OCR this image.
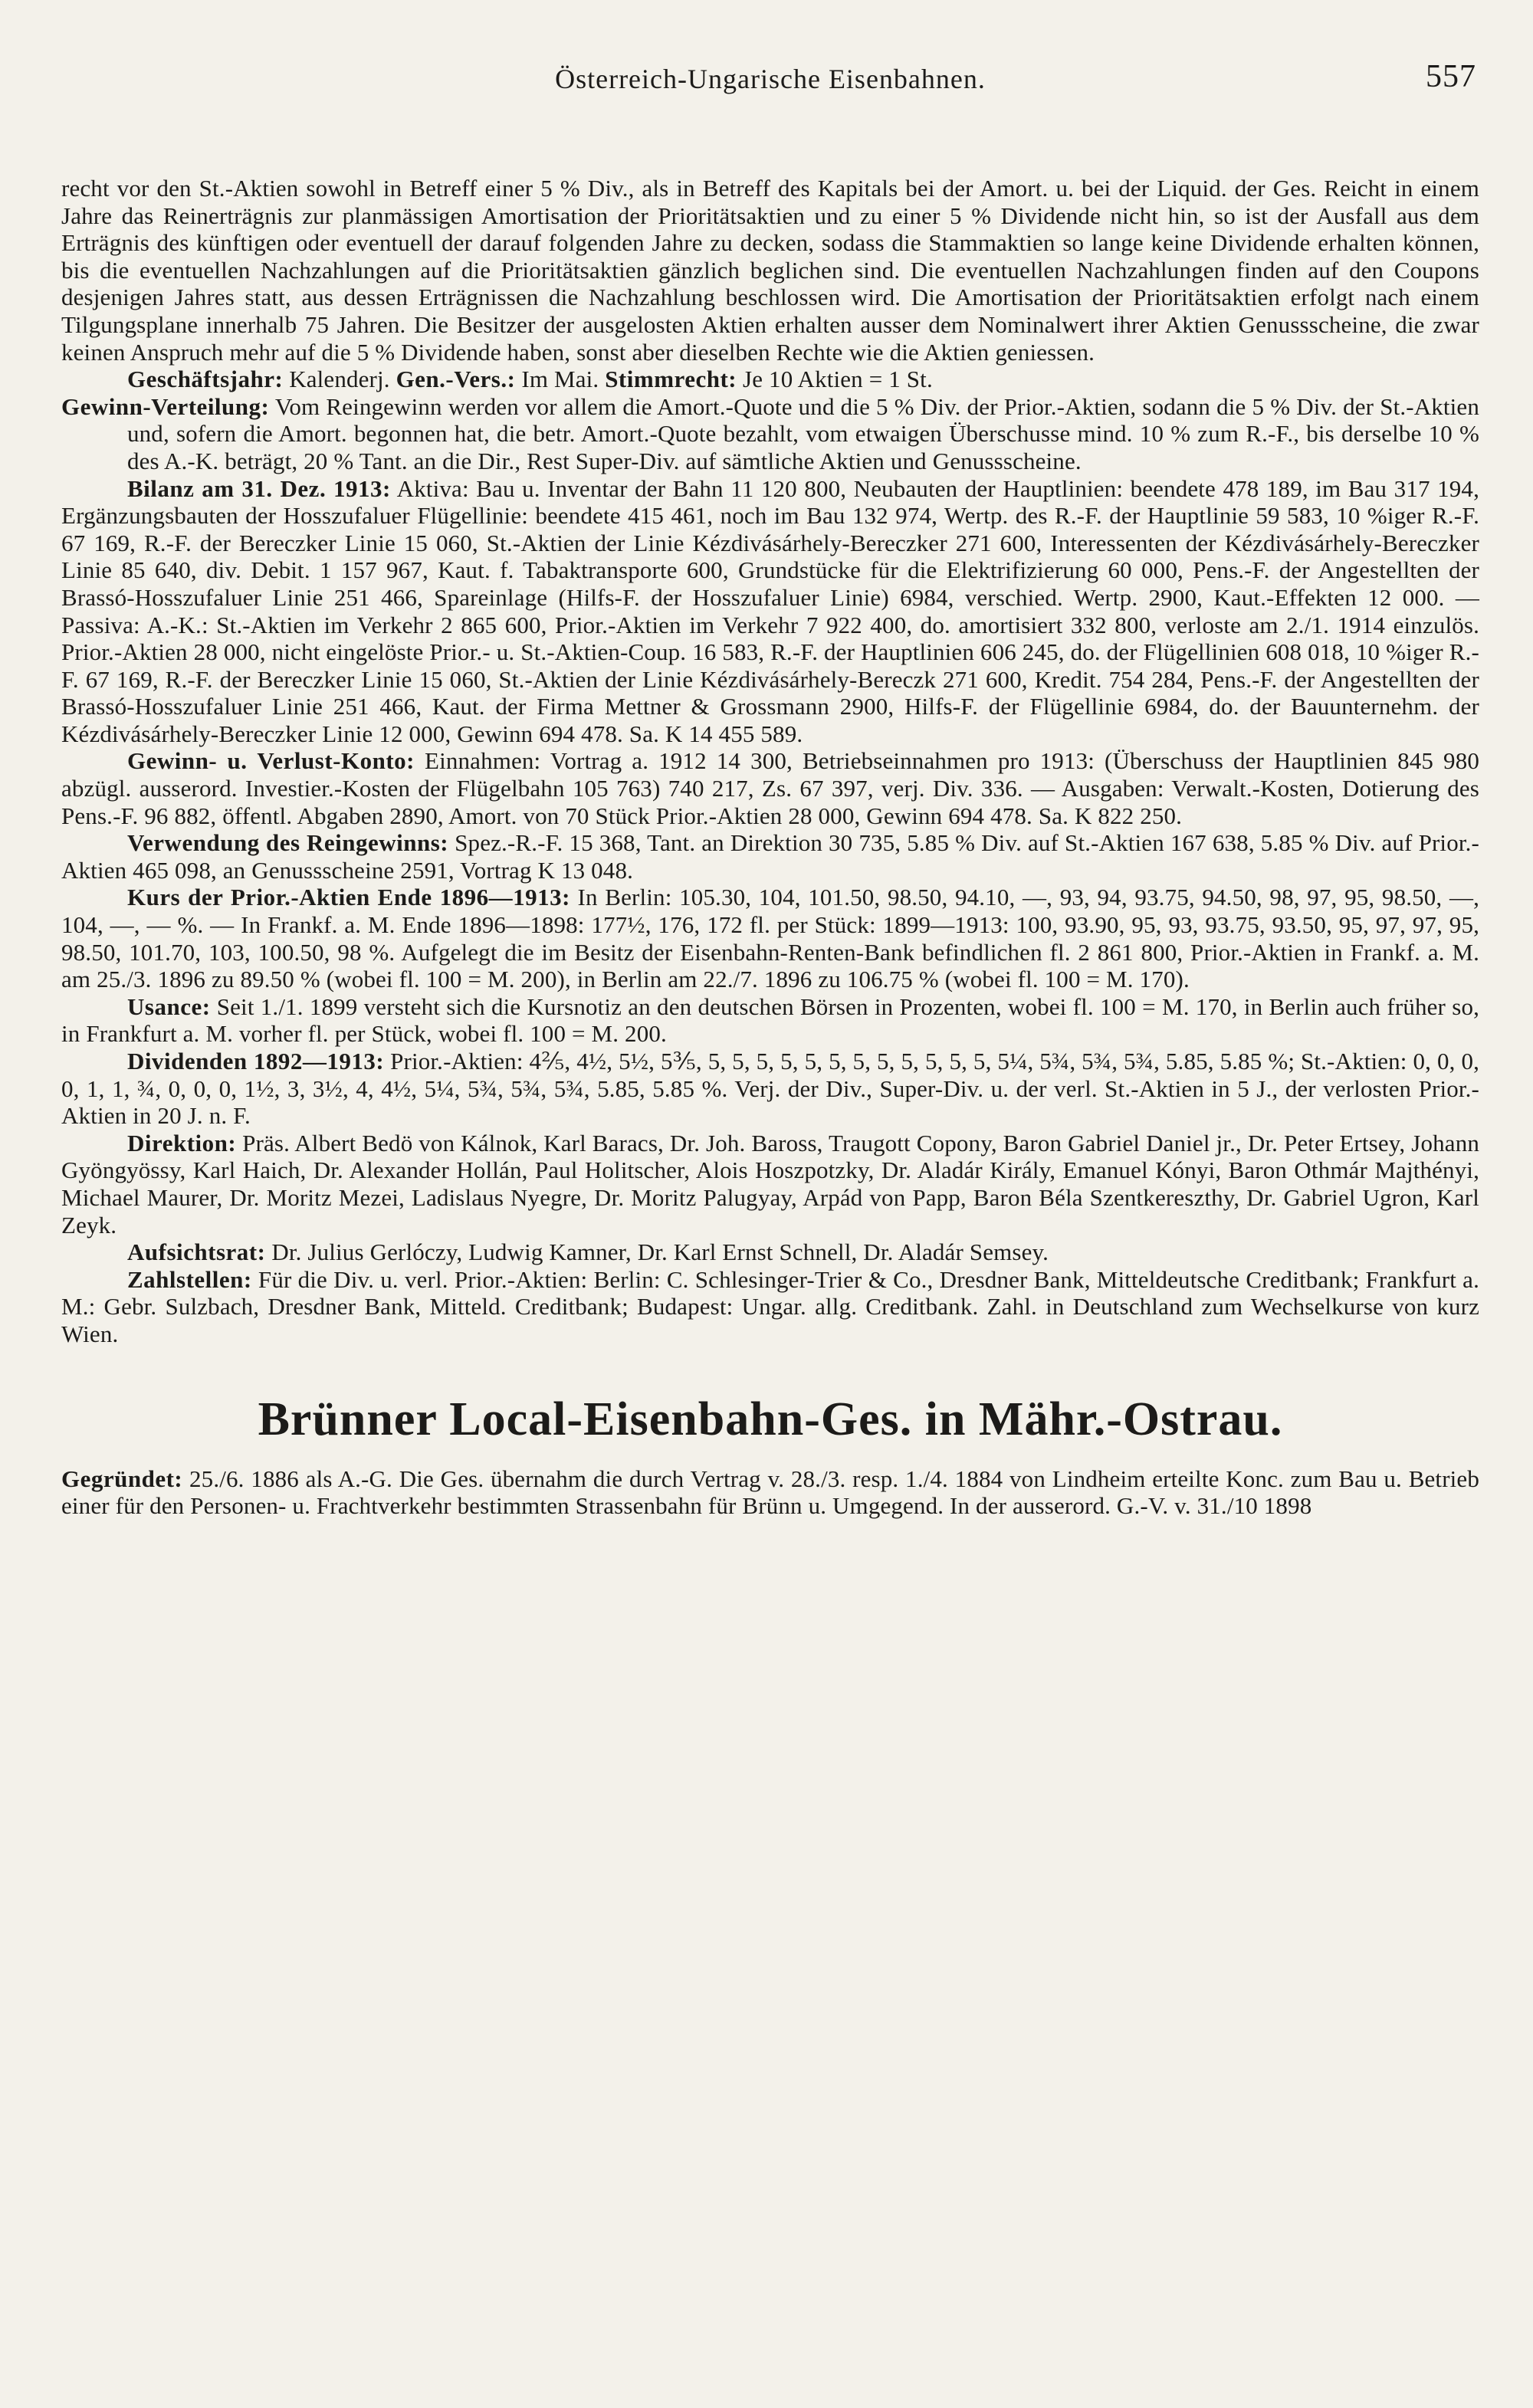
Österreich-Ungarische Eisenbahnen.	557

recht vor den St.-Aktien sowohl in Betreff einer 5 % Div., als in Betreff des Kapitals bei der Amort. u. bei der Liquid. der Ges. Reicht in einem Jahre das Reinerträgnis zur planmässigen Amortisation der Prioritätsaktien und zu einer 5 % Dividende nicht hin, so ist der Ausfall aus dem Erträgnis des künftigen oder eventuell der darauf folgenden Jahre zu decken, sodass die Stammaktien so lange keine Dividende erhalten können, bis die eventuellen Nachzahlungen auf die Prioritätsaktien gänzlich beglichen sind. Die eventuellen Nachzahlungen finden auf den Coupons desjenigen Jahres statt, aus dessen Erträgnissen die Nachzahlung beschlossen wird. Die Amortisation der Prioritätsaktien erfolgt nach einem Tilgungsplane innerhalb 75 Jahren. Die Besitzer der ausgelosten Aktien erhalten ausser dem Nominalwert ihrer Aktien Genussscheine, die zwar keinen Anspruch mehr auf die 5 % Dividende haben, sonst aber dieselben Rechte wie die Aktien geniessen.

Geschäftsjahr: Kalenderj. Gen.-Vers.: Im Mai. Stimmrecht: Je 10 Aktien = 1 St.

Gewinn-Verteilung: Vom Reingewinn werden vor allem die Amort.-Quote und die 5 % Div. der Prior.-Aktien, sodann die 5 % Div. der St.-Aktien und, sofern die Amort. begonnen hat, die betr. Amort.-Quote bezahlt, vom etwaigen Überschusse mind. 10 % zum R.-F., bis derselbe 10 % des A.-K. beträgt, 20 % Tant. an die Dir., Rest Super-Div. auf sämtliche Aktien und Genussscheine.

Bilanz am 31. Dez. 1913: Aktiva: Bau u. Inventar der Bahn 11 120 800, Neubauten der Hauptlinien: beendete 478 189, im Bau 317 194, Ergänzungsbauten der Hosszufaluer Flügellinie: beendete 415 461, noch im Bau 132 974, Wertp. des R.-F. der Hauptlinie 59 583, 10 %iger R.-F. 67 169, R.-F. der Bereczker Linie 15 060, St.-Aktien der Linie Kézdivásárhely-Bereczker 271 600, Interessenten der Kézdivásárhely-Bereczker Linie 85 640, div. Debit. 1 157 967, Kaut. f. Tabaktransporte 600, Grundstücke für die Elektrifizierung 60 000, Pens.-F. der Angestellten der Brassó-Hosszufaluer Linie 251 466, Spareinlage (Hilfs-F. der Hosszufaluer Linie) 6984, verschied. Wertp. 2900, Kaut.-Effekten 12 000. — Passiva: A.-K.: St.-Aktien im Verkehr 2 865 600, Prior.-Aktien im Verkehr 7 922 400, do. amortisiert 332 800, verloste am 2./1. 1914 einzulös. Prior.-Aktien 28 000, nicht eingelöste Prior.- u. St.-Aktien-Coup. 16 583, R.-F. der Hauptlinien 606 245, do. der Flügellinien 608 018, 10 %iger R.-F. 67 169, R.-F. der Bereczker Linie 15 060, St.-Aktien der Linie Kézdivásárhely-Bereczk 271 600, Kredit. 754 284, Pens.-F. der Angestellten der Brassó-Hosszufaluer Linie 251 466, Kaut. der Firma Mettner & Grossmann 2900, Hilfs-F. der Flügellinie 6984, do. der Bauunternehm. der Kézdivásárhely-Bereczker Linie 12 000, Gewinn 694 478. Sa. K 14 455 589.

Gewinn- u. Verlust-Konto: Einnahmen: Vortrag a. 1912 14 300, Betriebseinnahmen pro 1913: (Überschuss der Hauptlinien 845 980 abzügl. ausserord. Investier.-Kosten der Flügelbahn 105 763) 740 217, Zs. 67 397, verj. Div. 336. — Ausgaben: Verwalt.-Kosten, Dotierung des Pens.-F. 96 882, öffentl. Abgaben 2890, Amort. von 70 Stück Prior.-Aktien 28 000, Gewinn 694 478. Sa. K 822 250.

Verwendung des Reingewinns: Spez.-R.-F. 15 368, Tant. an Direktion 30 735, 5.85 % Div. auf St.-Aktien 167 638, 5.85 % Div. auf Prior.-Aktien 465 098, an Genussscheine 2591, Vortrag K 13 048.

Kurs der Prior.-Aktien Ende 1896—1913: In Berlin: 105.30, 104, 101.50, 98.50, 94.10, —, 93, 94, 93.75, 94.50, 98, 97, 95, 98.50, —, 104, —, — %. — In Frankf. a. M. Ende 1896—1898: 177½, 176, 172 fl. per Stück: 1899—1913: 100, 93.90, 95, 93, 93.75, 93.50, 95, 97, 97, 95, 98.50, 101.70, 103, 100.50, 98 %. Aufgelegt die im Besitz der Eisenbahn-Renten-Bank befindlichen fl. 2 861 800, Prior.-Aktien in Frankf. a. M. am 25./3. 1896 zu 89.50 % (wobei fl. 100 = M. 200), in Berlin am 22./7. 1896 zu 106.75 % (wobei fl. 100 = M. 170).

Usance: Seit 1./1. 1899 versteht sich die Kursnotiz an den deutschen Börsen in Prozenten, wobei fl. 100 = M. 170, in Berlin auch früher so, in Frankfurt a. M. vorher fl. per Stück, wobei fl. 100 = M. 200.

Dividenden 1892—1913: Prior.-Aktien: 4⅖, 4½, 5½, 5⅗, 5, 5, 5, 5, 5, 5, 5, 5, 5, 5, 5, 5, 5¼, 5¾, 5¾, 5¾, 5.85, 5.85 %; St.-Aktien: 0, 0, 0, 0, 1, 1, ¾, 0, 0, 0, 1½, 3, 3½, 4, 4½, 5¼, 5¾, 5¾, 5¾, 5.85, 5.85 %. Verj. der Div., Super-Div. u. der verl. St.-Aktien in 5 J., der verlosten Prior.-Aktien in 20 J. n. F.

Direktion: Präs. Albert Bedö von Kálnok, Karl Baracs, Dr. Joh. Baross, Traugott Copony, Baron Gabriel Daniel jr., Dr. Peter Ertsey, Johann Gyöngyössy, Karl Haich, Dr. Alexander Hollán, Paul Holitscher, Alois Hoszpotzky, Dr. Aladár Király, Emanuel Kónyi, Baron Othmár Majthényi, Michael Maurer, Dr. Moritz Mezei, Ladislaus Nyegre, Dr. Moritz Palugyay, Arpád von Papp, Baron Béla Szentkereszthy, Dr. Gabriel Ugron, Karl Zeyk.

Aufsichtsrat: Dr. Julius Gerlóczy, Ludwig Kamner, Dr. Karl Ernst Schnell, Dr. Aladár Semsey.

Zahlstellen: Für die Div. u. verl. Prior.-Aktien: Berlin: C. Schlesinger-Trier & Co., Dresdner Bank, Mitteldeutsche Creditbank; Frankfurt a. M.: Gebr. Sulzbach, Dresdner Bank, Mitteld. Creditbank; Budapest: Ungar. allg. Creditbank. Zahl. in Deutschland zum Wechselkurse von kurz Wien.

Brünner Local-Eisenbahn-Ges. in Mähr.-Ostrau.

Gegründet: 25./6. 1886 als A.-G. Die Ges. übernahm die durch Vertrag v. 28./3. resp. 1./4. 1884 von Lindheim erteilte Konc. zum Bau u. Betrieb einer für den Personen- u. Frachtverkehr bestimmten Strassenbahn für Brünn u. Umgegend. In der ausserord. G.-V. v. 31./10 1898
